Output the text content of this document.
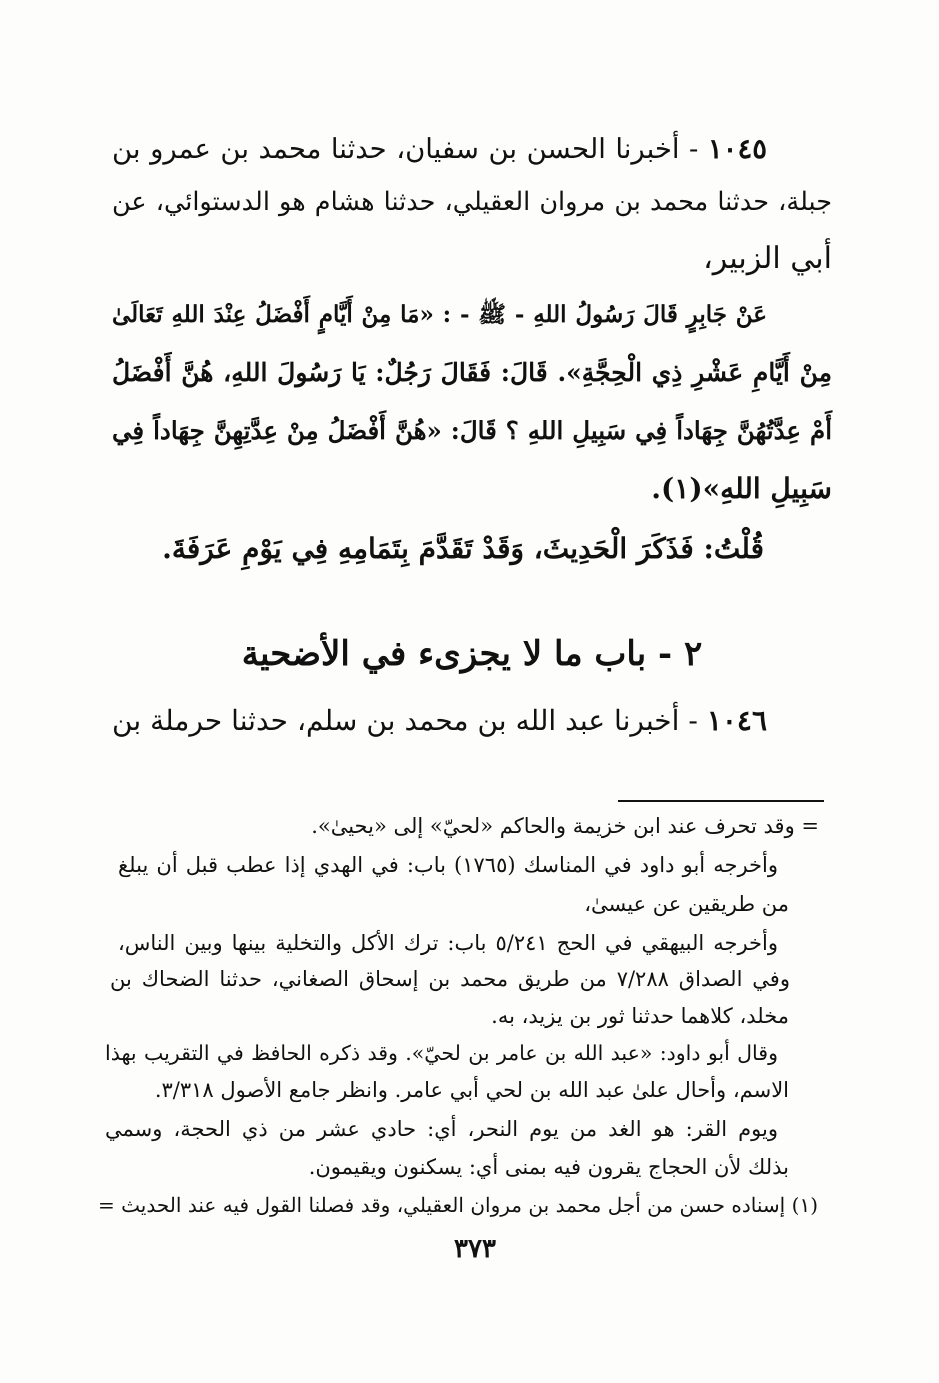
١٠٤٥ - أخبرنا الحسن بن سفيان، حدثنا محمد بن عمرو بن
جبلة، حدثنا محمد بن مروان العقيلي، حدثنا هشام هو الدستوائي، عن
أبي الزبير،
عَنْ جَابِرٍ قَالَ رَسُولُ اللهِ - ﷺ - : «مَا مِنْ أَيَّامٍ أَفْضَلُ عِنْدَ اللهِ تَعَالَىٰ
مِنْ أَيَّامِ عَشْرِ ذِي الْحِجَّةِ». قَالَ: فَقَالَ رَجُلٌ: يَا رَسُولَ اللهِ، هُنَّ أَفْضَلُ
أَمْ عِدَّتُهُنَّ جِهَاداً فِي سَبِيلِ اللهِ ؟ قَالَ: «هُنَّ أَفْضَلُ مِنْ عِدَّتِهِنَّ جِهَاداً فِي
سَبِيلِ اللهِ»(١).
قُلْتُ: فَذَكَرَ الْحَدِيثَ، وَقَدْ تَقَدَّمَ بِتَمَامِهِ فِي يَوْمِ عَرَفَةَ.
٢ - باب ما لا يجزىء في الأضحية
١٠٤٦ - أخبرنا عبد الله بن محمد بن سلم، حدثنا حرملة بن
= وقد تحرف عند ابن خزيمة والحاكم «لحيّ» إلى «يحيىٰ».
وأخرجه أبو داود في المناسك (١٧٦٥) باب: في الهدي إذا عطب قبل أن يبلغ
من طريقين عن عيسىٰ،
وأخرجه البيهقي في الحج ٥/٢٤١ باب: ترك الأكل والتخلية بينها وبين الناس،
وفي الصداق ٧/٢٨٨ من طريق محمد بن إسحاق الصغاني، حدثنا الضحاك بن
مخلد، كلاهما حدثنا ثور بن يزيد، به.
وقال أبو داود: «عبد الله بن عامر بن لحيّ». وقد ذكره الحافظ في التقريب بهذا
الاسم، وأحال علىٰ عبد الله بن لحي أبي عامر. وانظر جامع الأصول ٣/٣١٨.
ويوم القر: هو الغد من يوم النحر، أي: حادي عشر من ذي الحجة، وسمي
بذلك لأن الحجاج يقرون فيه بمنى أي: يسكنون ويقيمون.
(١) إسناده حسن من أجل محمد بن مروان العقيلي، وقد فصلنا القول فيه عند الحديث =
٣٧٣
